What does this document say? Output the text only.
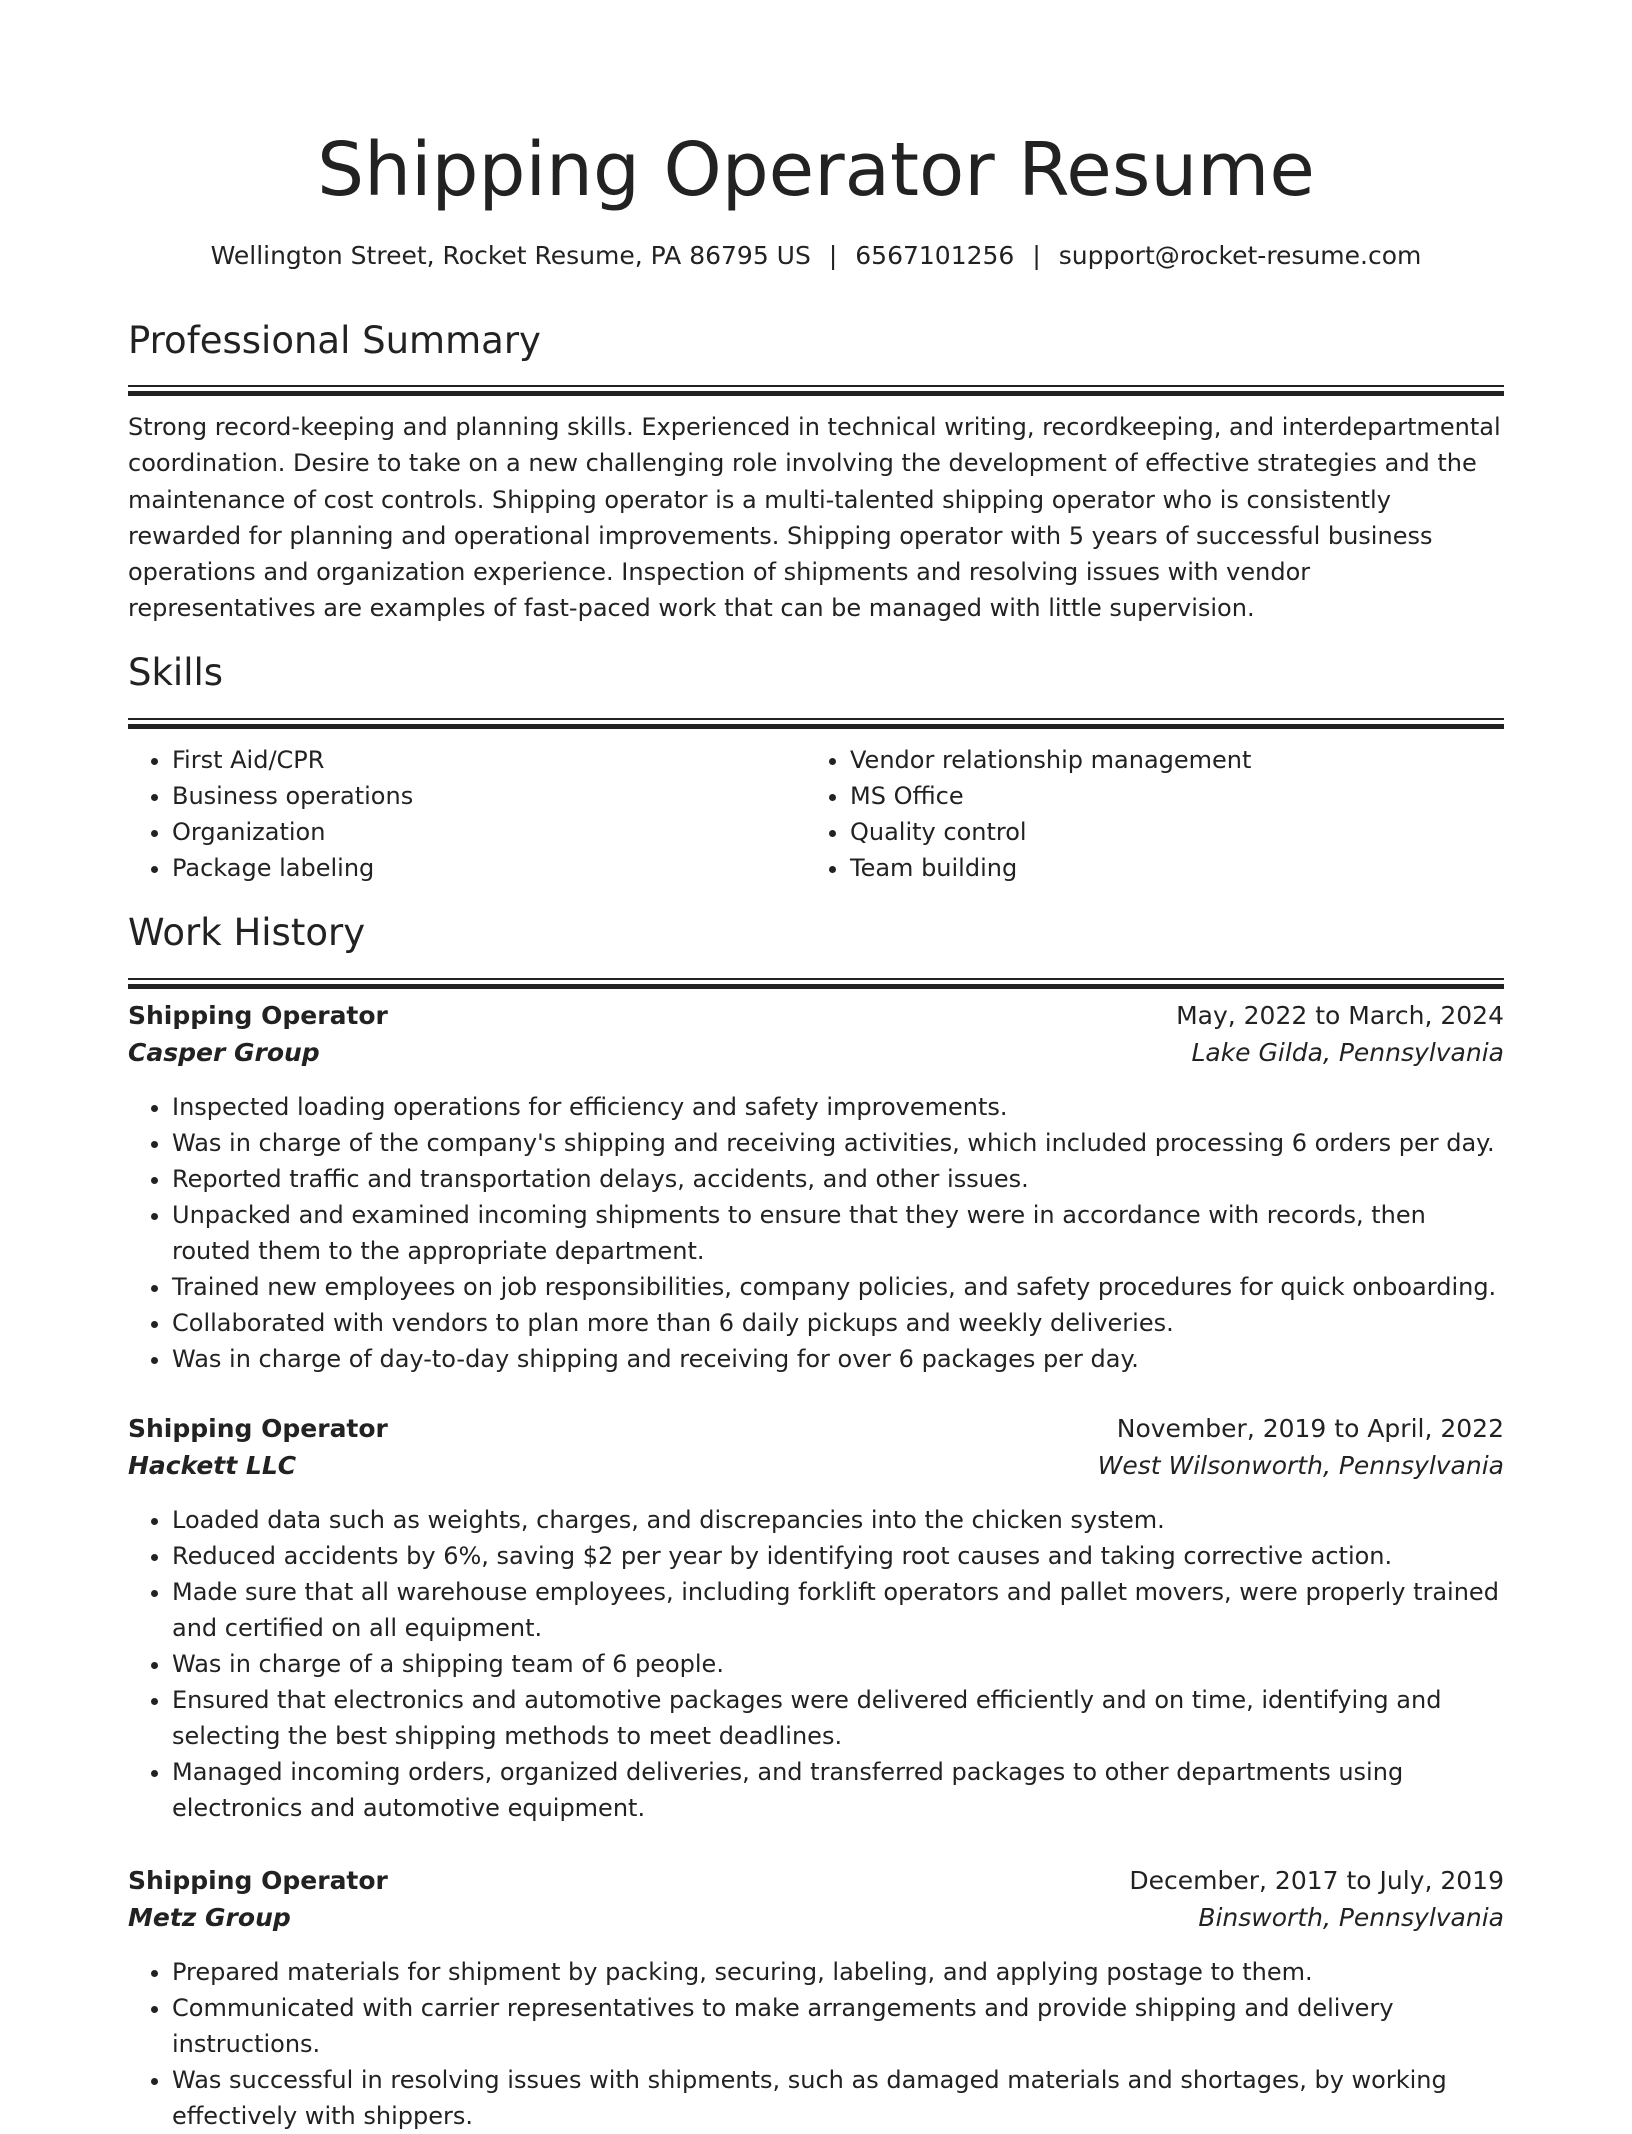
Shipping Operator Resume
Wellington Street, Rocket Resume, PA 86795 US | 6567101256 | support@rocket-resume.com
Professional Summary

Strong record-keeping and planning skills. Experienced in technical writing, recordkeeping, and interdepartmental coordination. Desire to take on a new challenging role involving the development of effective strategies and the maintenance of cost controls. Shipping operator is a multi-talented shipping operator who is consistently rewarded for planning and operational improvements. Shipping operator with 5 years of successful business operations and organization experience. Inspection of shipments and resolving issues with vendor representatives are examples of fast-paced work that can be managed with little supervision.

Skills
• First Aid/CPR
• Business operations
• Organization
• Package labeling
• Vendor relationship management
• MS Office
• Quality control
• Team building
Work History
Shipping Operator	May, 2022 to March, 2024
Casper Group	Lake Gilda, Pennsylvania
• Inspected loading operations for efficiency and safety improvements.
• Was in charge of the company's shipping and receiving activities, which included processing 6 orders per day.
• Reported traffic and transportation delays, accidents, and other issues.
• Unpacked and examined incoming shipments to ensure that they were in accordance with records, then routed them to the appropriate department.
• Trained new employees on job responsibilities, company policies, and safety procedures for quick onboarding.
• Collaborated with vendors to plan more than 6 daily pickups and weekly deliveries.
• Was in charge of day-to-day shipping and receiving for over 6 packages per day.
Shipping Operator	November, 2019 to April, 2022
Hackett LLC	West Wilsonworth, Pennsylvania
• Loaded data such as weights, charges, and discrepancies into the chicken system.
• Reduced accidents by 6%, saving $2 per year by identifying root causes and taking corrective action.
• Made sure that all warehouse employees, including forklift operators and pallet movers, were properly trained and certified on all equipment.
• Was in charge of a shipping team of 6 people.
• Ensured that electronics and automotive packages were delivered efficiently and on time, identifying and selecting the best shipping methods to meet deadlines.
• Managed incoming orders, organized deliveries, and transferred packages to other departments using electronics and automotive equipment.
Shipping Operator	December, 2017 to July, 2019
Metz Group	Binsworth, Pennsylvania
• Prepared materials for shipment by packing, securing, labeling, and applying postage to them.
• Communicated with carrier representatives to make arrangements and provide shipping and delivery instructions.
• Was successful in resolving issues with shipments, such as damaged materials and shortages, by working effectively with shippers.
